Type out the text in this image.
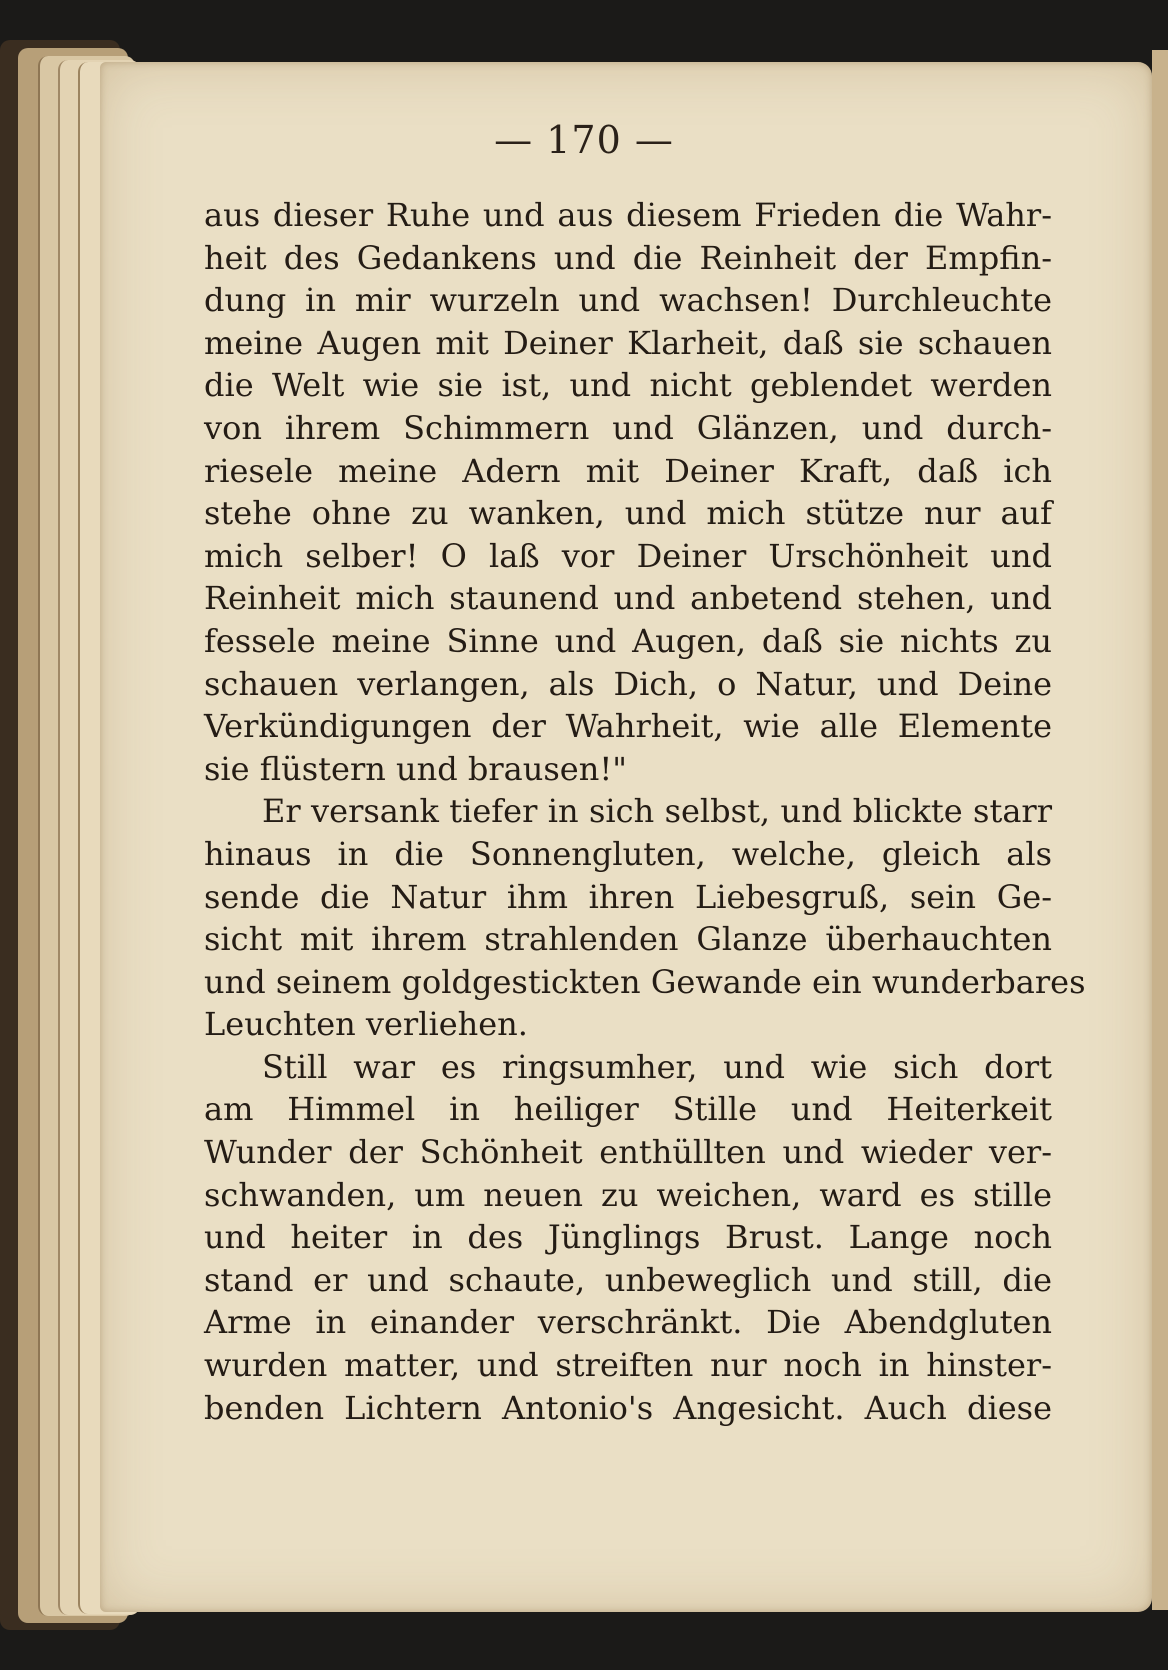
— 170 —
aus dieser Ruhe und aus diesem Frieden die Wahr-
heit des Gedankens und die Reinheit der Empfin-
dung in mir wurzeln und wachsen! Durchleuchte
meine Augen mit Deiner Klarheit, daß sie schauen
die Welt wie sie ist, und nicht geblendet werden
von ihrem Schimmern und Glänzen, und durch-
riesele meine Adern mit Deiner Kraft, daß ich
stehe ohne zu wanken, und mich stütze nur auf
mich selber! O laß vor Deiner Urschönheit und
Reinheit mich staunend und anbetend stehen, und
fessele meine Sinne und Augen, daß sie nichts zu
schauen verlangen, als Dich, o Natur, und Deine
Verkündigungen der Wahrheit, wie alle Elemente
sie flüstern und brausen!"
Er versank tiefer in sich selbst, und blickte starr
hinaus in die Sonnengluten, welche, gleich als
sende die Natur ihm ihren Liebesgruß, sein Ge-
sicht mit ihrem strahlenden Glanze überhauchten
und seinem goldgestickten Gewande ein wunderbares
Leuchten verliehen.
Still war es ringsumher, und wie sich dort
am Himmel in heiliger Stille und Heiterkeit
Wunder der Schönheit enthüllten und wieder ver-
schwanden, um neuen zu weichen, ward es stille
und heiter in des Jünglings Brust. Lange noch
stand er und schaute, unbeweglich und still, die
Arme in einander verschränkt. Die Abendgluten
wurden matter, und streiften nur noch in hinster-
benden Lichtern Antonio's Angesicht. Auch diese
